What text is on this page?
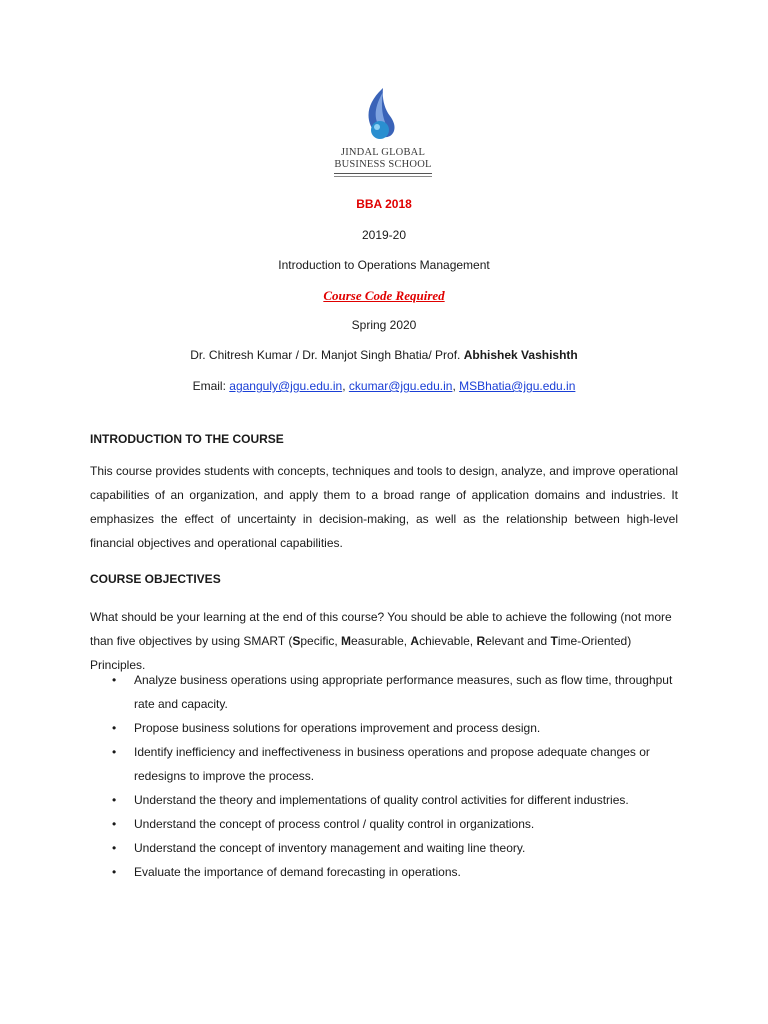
JINDAL GLOBAL
BUSINESS SCHOOL
BBA 2018
2019-20
Introduction to Operations Management
Course Code Required
Spring 2020
Dr. Chitresh Kumar / Dr. Manjot Singh Bhatia/ Prof. Abhishek Vashishth
Email: aganguly@jgu.edu.in, ckumar@jgu.edu.in, MSBhatia@jgu.edu.in
INTRODUCTION TO THE COURSE
This course provides students with concepts, techniques and tools to design, analyze, and improve operational capabilities of an organization, and apply them to a broad range of application domains and industries. It emphasizes the effect of uncertainty in decision-making, as well as the relationship between high-level financial objectives and operational capabilities.
COURSE OBJECTIVES
What should be your learning at the end of this course? You should be able to achieve the following (not more than five objectives by using SMART (Specific, Measurable, Achievable, Relevant and Time-Oriented) Principles.
• Analyze business operations using appropriate performance measures, such as flow time, throughput rate and capacity.
• Propose business solutions for operations improvement and process design.
• Identify inefficiency and ineffectiveness in business operations and propose adequate changes or redesigns to improve the process.
• Understand the theory and implementations of quality control activities for different industries.
• Understand the concept of process control / quality control in organizations.
• Understand the concept of inventory management and waiting line theory.
• Evaluate the importance of demand forecasting in operations.
